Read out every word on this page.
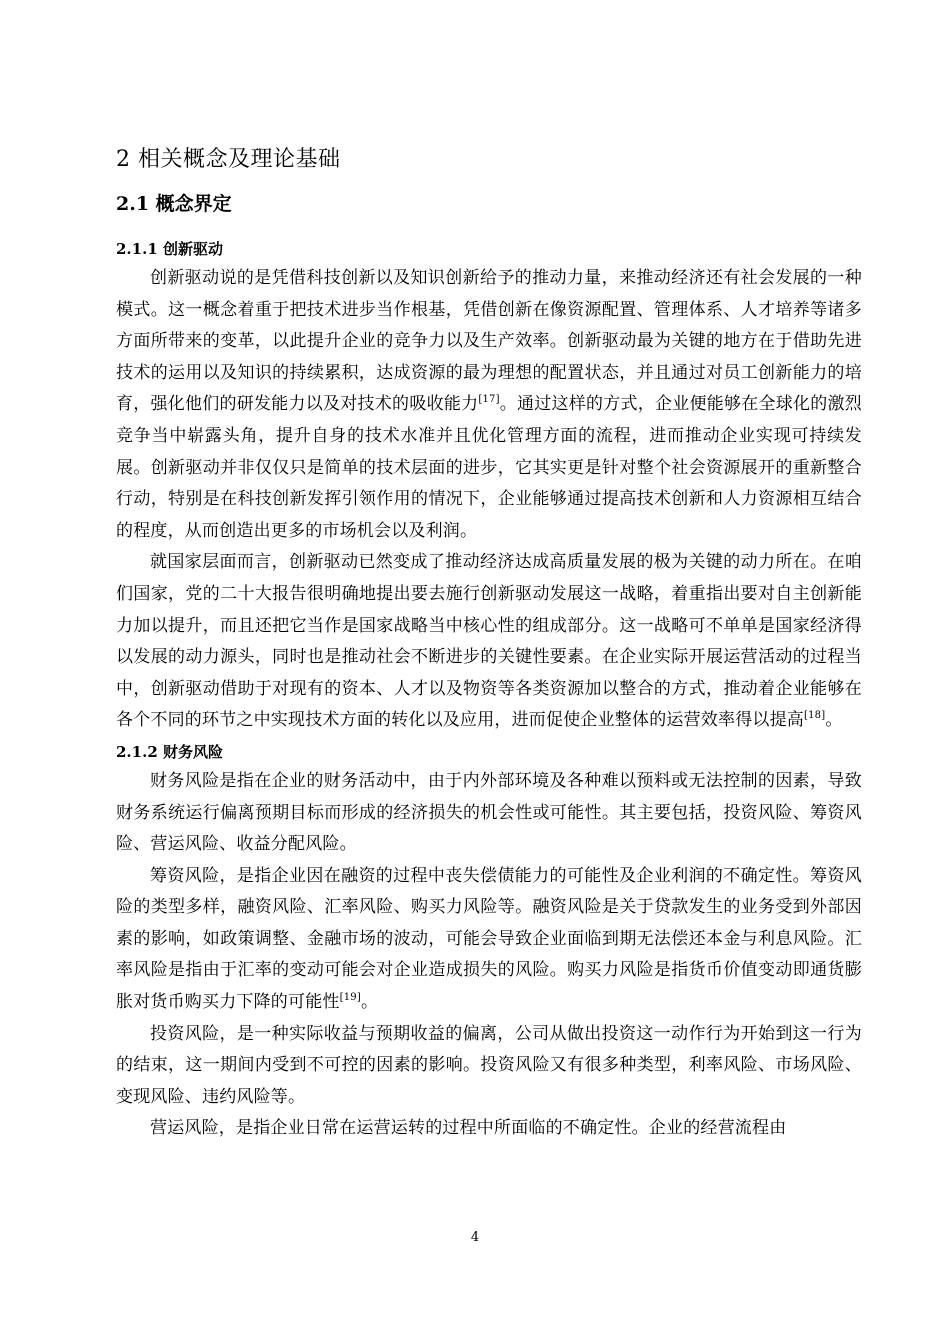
2 相关概念及理论基础
2.1 概念界定

2.1.1 创新驱动

创新驱动说的是凭借科技创新以及知识创新给予的推动力量，来推动经济还有社会发展的一种模式。这一概念着重于把技术进步当作根基，凭借创新在像资源配置、管理体系、人才培养等诸多方面所带来的变革，以此提升企业的竞争力以及生产效率。创新驱动最为关键的地方在于借助先进技术的运用以及知识的持续累积，达成资源的最为理想的配置状态，并且通过对员工创新能力的培育，强化他们的研发能力以及对技术的吸收能力[17]。通过这样的方式，企业便能够在全球化的激烈竞争当中崭露头角，提升自身的技术水准并且优化管理方面的流程，进而推动企业实现可持续发展。创新驱动并非仅仅只是简单的技术层面的进步，它其实更是针对整个社会资源展开的重新整合行动，特别是在科技创新发挥引领作用的情况下，企业能够通过提高技术创新和人力资源相互结合的程度，从而创造出更多的市场机会以及利润。

就国家层面而言，创新驱动已然变成了推动经济达成高质量发展的极为关键的动力所在。在咱们国家，党的二十大报告很明确地提出要去施行创新驱动发展这一战略，着重指出要对自主创新能力加以提升，而且还把它当作是国家战略当中核心性的组成部分。这一战略可不单单是国家经济得以发展的动力源头，同时也是推动社会不断进步的关键性要素。在企业实际开展运营活动的过程当中，创新驱动借助于对现有的资本、人才以及物资等各类资源加以整合的方式，推动着企业能够在各个不同的环节之中实现技术方面的转化以及应用，进而促使企业整体的运营效率得以提高[18]。

2.1.2 财务风险

财务风险是指在企业的财务活动中，由于内外部环境及各种难以预料或无法控制的因素，导致财务系统运行偏离预期目标而形成的经济损失的机会性或可能性。其主要包括，投资风险、筹资风险、营运风险、收益分配风险。

筹资风险，是指企业因在融资的过程中丧失偿债能力的可能性及企业利润的不确定性。筹资风险的类型多样，融资风险、汇率风险、购买力风险等。融资风险是关于贷款发生的业务受到外部因素的影响，如政策调整、金融市场的波动，可能会导致企业面临到期无法偿还本金与利息风险。汇率风险是指由于汇率的变动可能会对企业造成损失的风险。购买力风险是指货币价值变动即通货膨胀对货币购买力下降的可能性[19]。

投资风险，是一种实际收益与预期收益的偏离，公司从做出投资这一动作行为开始到这一行为的结束，这一期间内受到不可控的因素的影响。投资风险又有很多种类型，利率风险、市场风险、变现风险、违约风险等。

营运风险，是指企业日常在运营运转的过程中所面临的不确定性。企业的经营流程由

4
